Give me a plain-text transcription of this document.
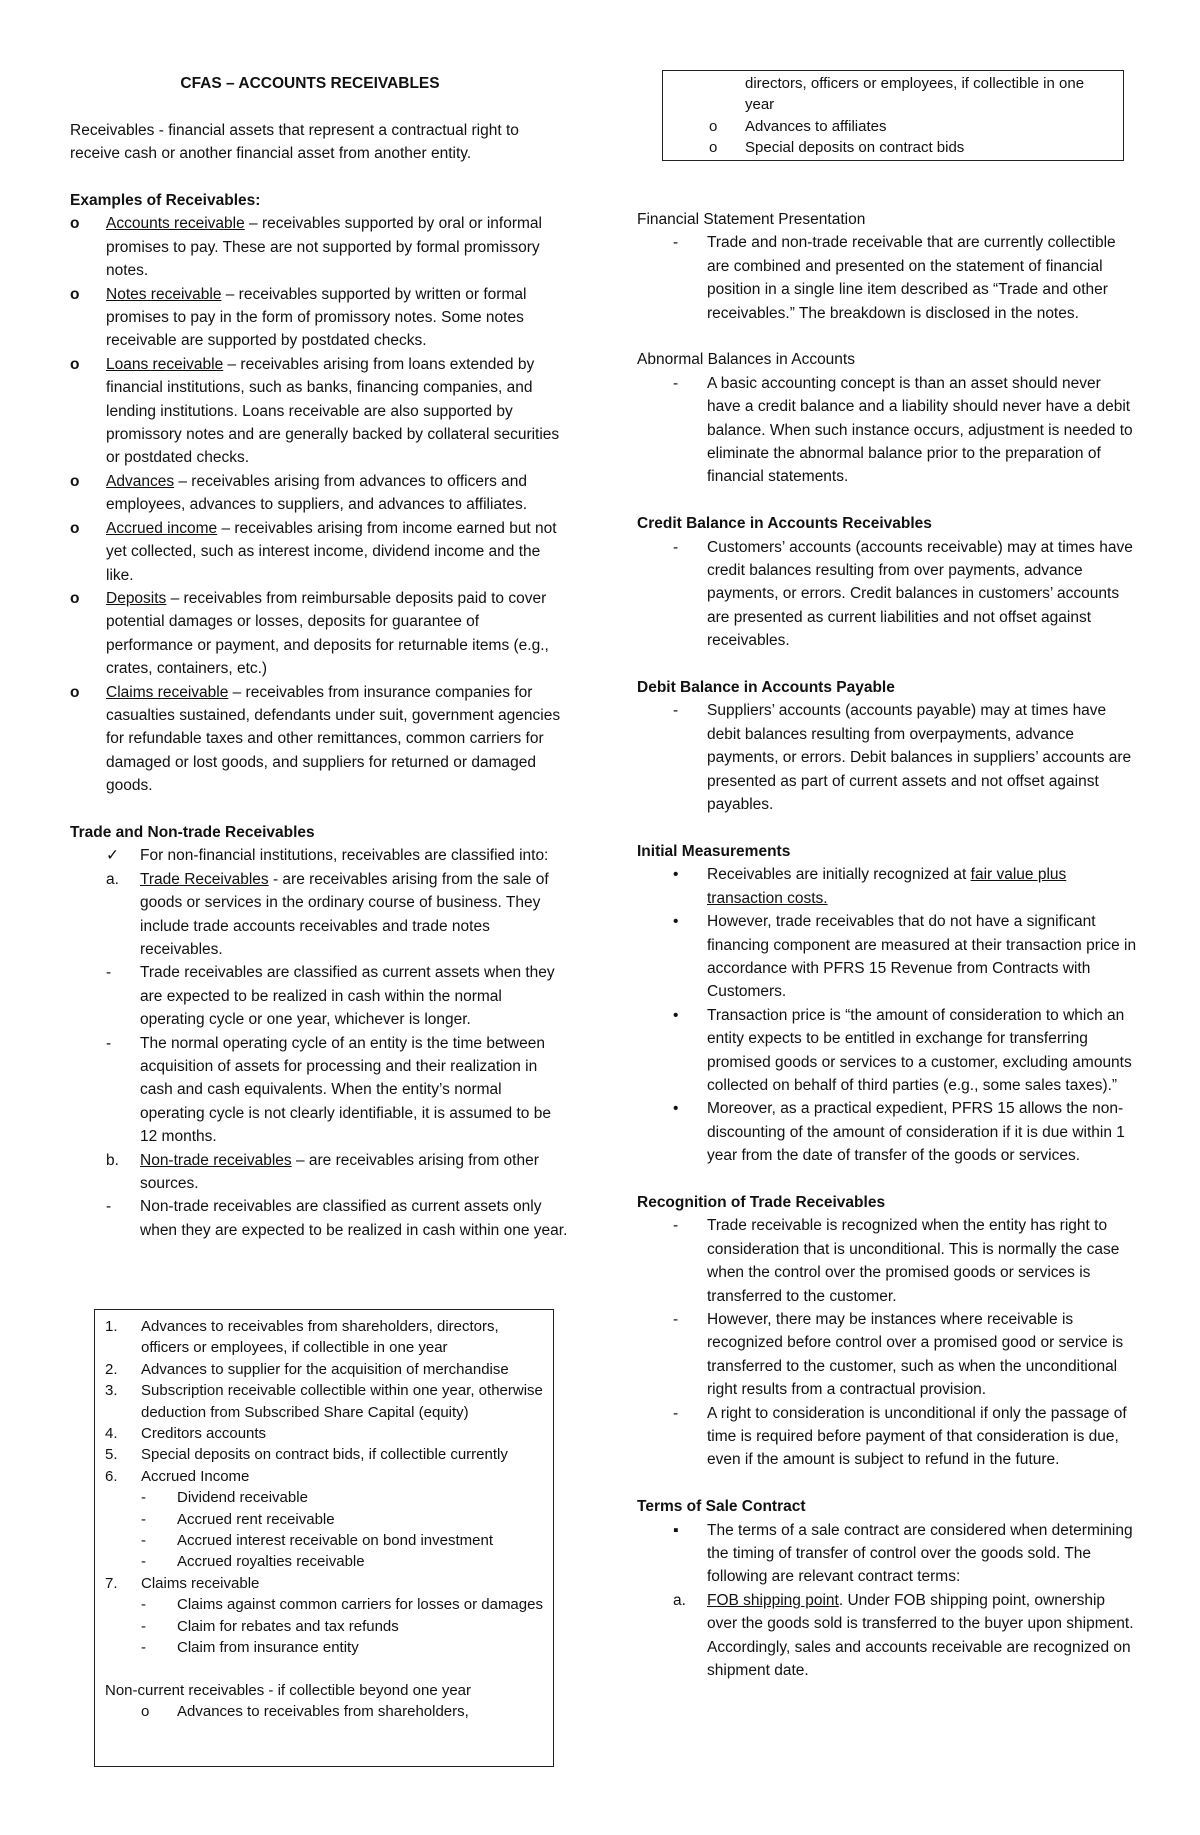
CFAS – ACCOUNTS RECEIVABLES

Receivables - financial assets that represent a contractual right to receive cash or another financial asset from another entity.

Examples of Receivables:
o	Accounts receivable – receivables supported by oral or informal promises to pay. These are not supported by formal promissory notes.
o	Notes receivable – receivables supported by written or formal promises to pay in the form of promissory notes. Some notes receivable are supported by postdated checks.
o	Loans receivable – receivables arising from loans extended by financial institutions, such as banks, financing companies, and lending institutions. Loans receivable are also supported by promissory notes and are generally backed by collateral securities or postdated checks.
o	Advances – receivables arising from advances to officers and employees, advances to suppliers, and advances to affiliates.
o	Accrued income – receivables arising from income earned but not yet collected, such as interest income, dividend income and the like.
o	Deposits – receivables from reimbursable deposits paid to cover potential damages or losses, deposits for guarantee of performance or payment, and deposits for returnable items (e.g., crates, containers, etc.)
o	Claims receivable – receivables from insurance companies for casualties sustained, defendants under suit, government agencies for refundable taxes and other remittances, common carriers for damaged or lost goods, and suppliers for returned or damaged goods.
Trade and Non-trade Receivables
✓	For non-financial institutions, receivables are classified into:
a.	Trade Receivables - are receivables arising from the sale of goods or services in the ordinary course of business. They include trade accounts receivables and trade notes receivables.
-	Trade receivables are classified as current assets when they are expected to be realized in cash within the normal operating cycle or one year, whichever is longer.
-	The normal operating cycle of an entity is the time between acquisition of assets for processing and their realization in cash and cash equivalents. When the entity’s normal operating cycle is not clearly identifiable, it is assumed to be 12 months.
b.	Non-trade receivables – are receivables arising from other sources.
-	Non-trade receivables are classified as current assets only when they are expected to be realized in cash within one year.
1. Advances to receivables from shareholders, directors, officers or employees, if collectible in one year
2. Advances to supplier for the acquisition of merchandise
3. Subscription receivable collectible within one year, otherwise deduction from Subscribed Share Capital (equity)
4. Creditors accounts
5. Special deposits on contract bids, if collectible currently
6. Accrued Income
- Dividend receivable
- Accrued rent receivable
- Accrued interest receivable on bond investment
- Accrued royalties receivable
7. Claims receivable
- Claims against common carriers for losses or damages
- Claim for rebates and tax refunds
- Claim from insurance entity
Non-current receivables - if collectible beyond one year
o Advances to receivables from shareholders,
directors, officers or employees, if collectible in one year
o Advances to affiliates
o Special deposits on contract bids
Financial Statement Presentation
-	Trade and non-trade receivable that are currently collectible are combined and presented on the statement of financial position in a single line item described as “Trade and other receivables.” The breakdown is disclosed in the notes.
Abnormal Balances in Accounts
-	A basic accounting concept is than an asset should never have a credit balance and a liability should never have a debit balance. When such instance occurs, adjustment is needed to eliminate the abnormal balance prior to the preparation of financial statements.
Credit Balance in Accounts Receivables
-	Customers’ accounts (accounts receivable) may at times have credit balances resulting from over payments, advance payments, or errors. Credit balances in customers’ accounts are presented as current liabilities and not offset against receivables.
Debit Balance in Accounts Payable
-	Suppliers’ accounts (accounts payable) may at times have debit balances resulting from overpayments, advance payments, or errors. Debit balances in suppliers’ accounts are presented as part of current assets and not offset against payables.
Initial Measurements
•	Receivables are initially recognized at fair value plus transaction costs.
•	However, trade receivables that do not have a significant financing component are measured at their transaction price in accordance with PFRS 15 Revenue from Contracts with Customers.
•	Transaction price is “the amount of consideration to which an entity expects to be entitled in exchange for transferring promised goods or services to a customer, excluding amounts collected on behalf of third parties (e.g., some sales taxes).”
•	Moreover, as a practical expedient, PFRS 15 allows the non-discounting of the amount of consideration if it is due within 1 year from the date of transfer of the goods or services.
Recognition of Trade Receivables
-	Trade receivable is recognized when the entity has right to consideration that is unconditional. This is normally the case when the control over the promised goods or services is transferred to the customer.
-	However, there may be instances where receivable is recognized before control over a promised good or service is transferred to the customer, such as when the unconditional right results from a contractual provision.
-	A right to consideration is unconditional if only the passage of time is required before payment of that consideration is due, even if the amount is subject to refund in the future.
Terms of Sale Contract
▪	The terms of a sale contract are considered when determining the timing of transfer of control over the goods sold. The following are relevant contract terms:
a.	FOB shipping point. Under FOB shipping point, ownership over the goods sold is transferred to the buyer upon shipment. Accordingly, sales and accounts receivable are recognized on shipment date.
